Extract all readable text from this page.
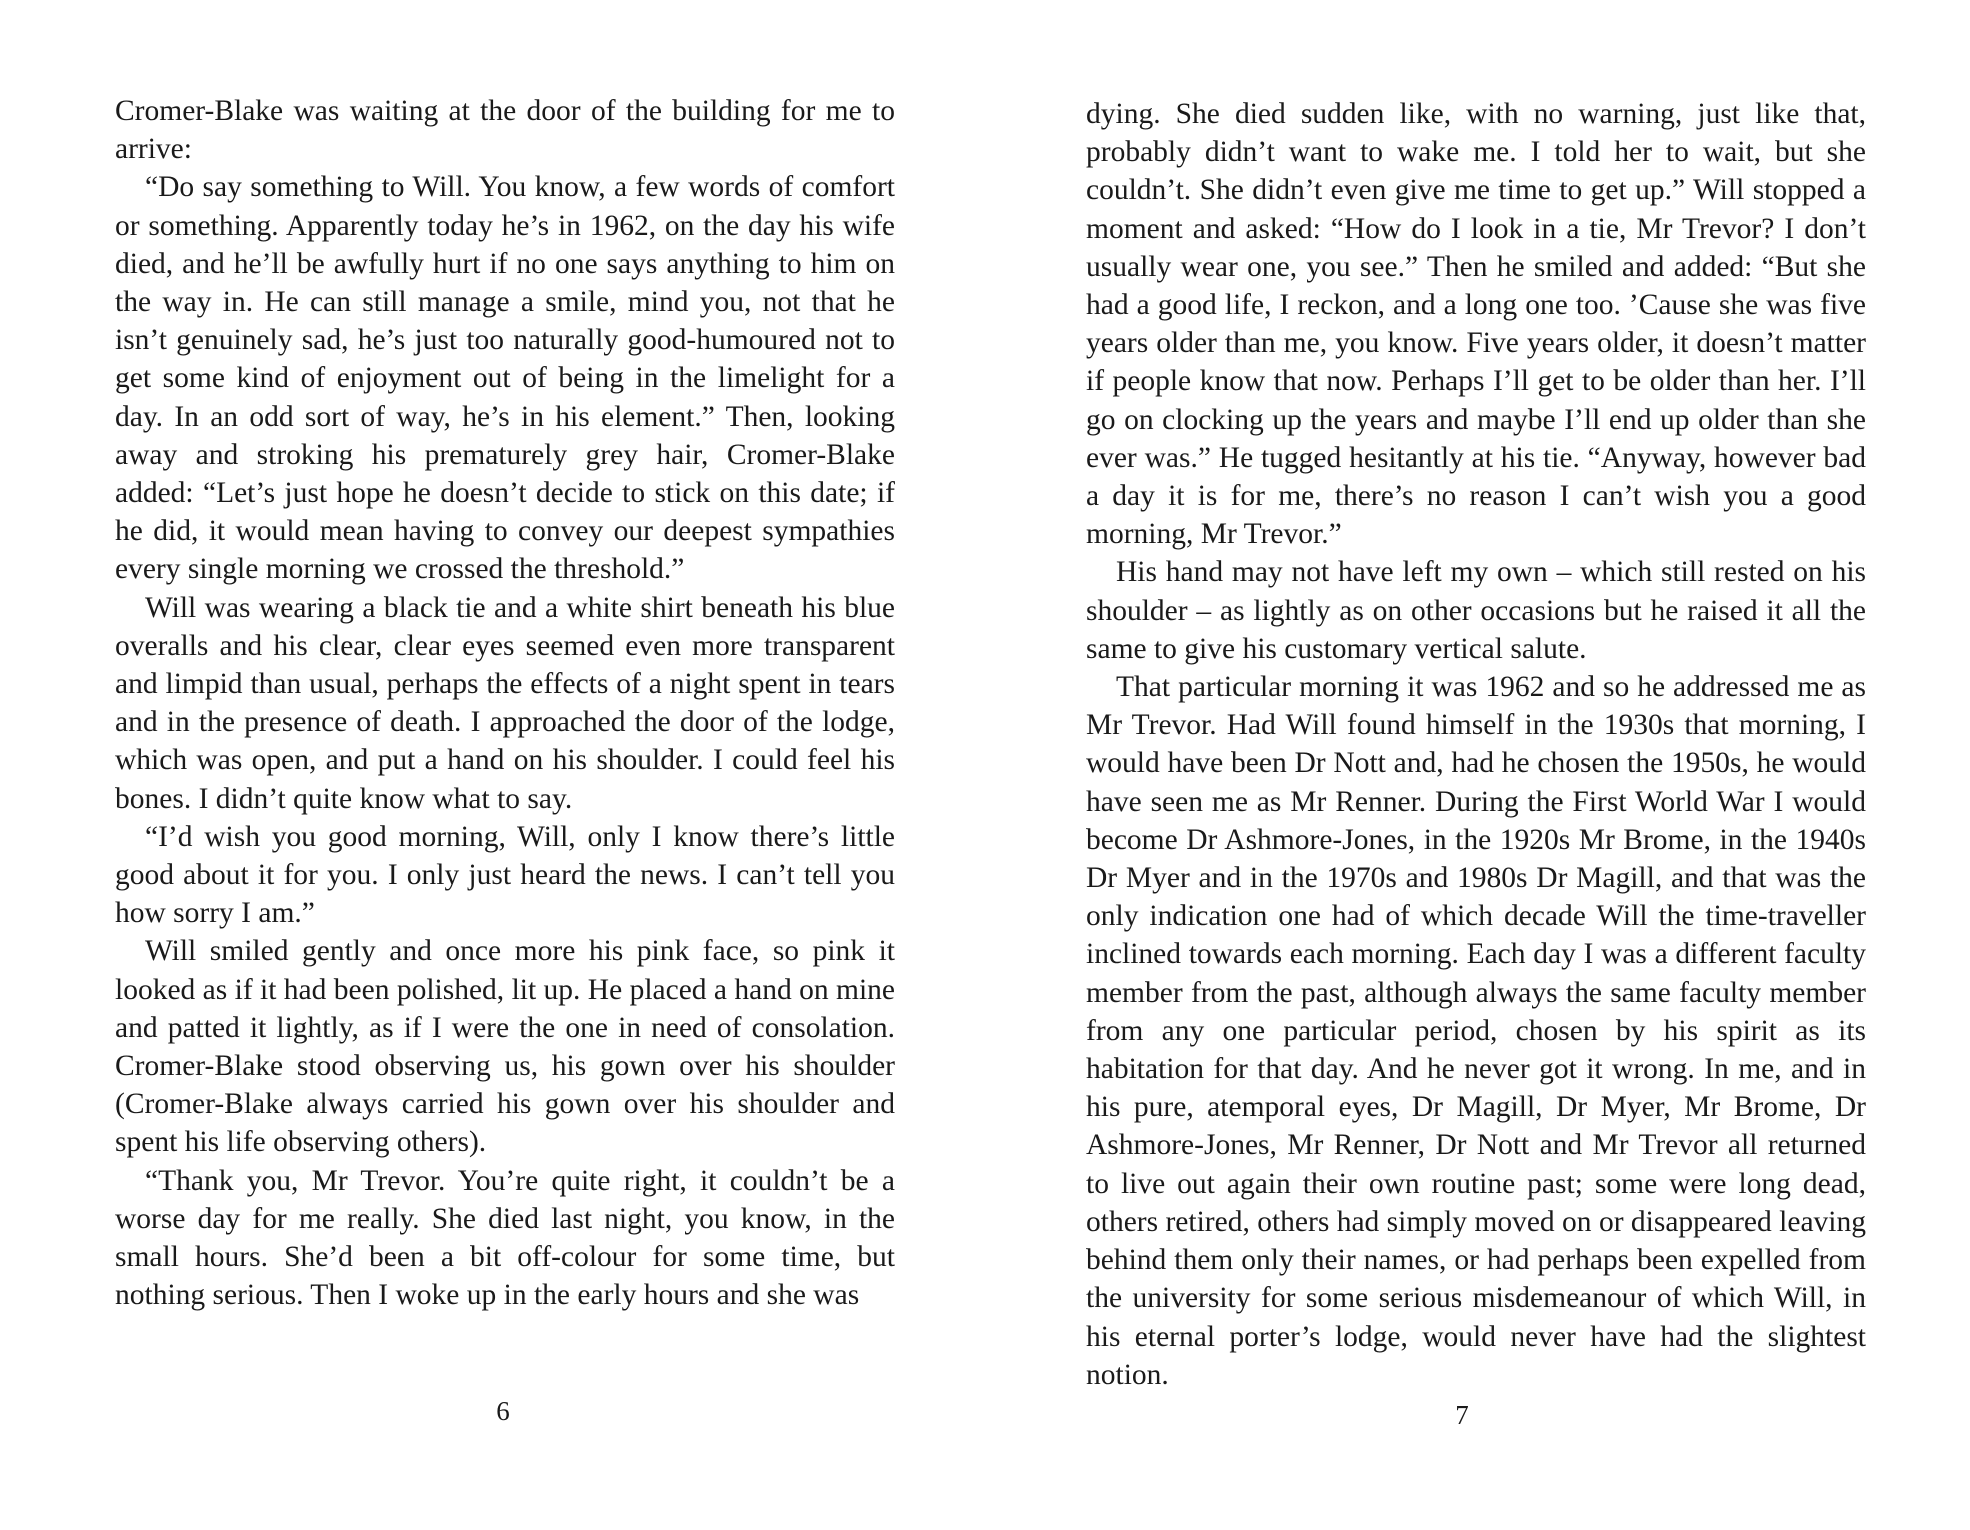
Cromer-Blake was waiting at the door of the building for me to arrive:

“Do say something to Will. You know, a few words of comfort or something. Apparently today he’s in 1962, on the day his wife died, and he’ll be awfully hurt if no one says anything to him on the way in. He can still manage a smile, mind you, not that he isn’t genuinely sad, he’s just too naturally good-humoured not to get some kind of enjoyment out of being in the limelight for a day. In an odd sort of way, he’s in his element.” Then, looking away and stroking his prematurely grey hair, Cromer-Blake added: “Let’s just hope he doesn’t decide to stick on this date; if he did, it would mean having to convey our deepest sympathies every single morning we crossed the threshold.”

Will was wearing a black tie and a white shirt beneath his blue overalls and his clear, clear eyes seemed even more transparent and limpid than usual, perhaps the effects of a night spent in tears and in the presence of death. I approached the door of the lodge, which was open, and put a hand on his shoulder. I could feel his bones. I didn’t quite know what to say.

“I’d wish you good morning, Will, only I know there’s little good about it for you. I only just heard the news. I can’t tell you how sorry I am.”

Will smiled gently and once more his pink face, so pink it looked as if it had been polished, lit up. He placed a hand on mine and patted it lightly, as if I were the one in need of consolation. Cromer-Blake stood observing us, his gown over his shoulder (Cromer-Blake always carried his gown over his shoulder and spent his life observing others).

“Thank you, Mr Trevor. You’re quite right, it couldn’t be a worse day for me really. She died last night, you know, in the small hours. She’d been a bit off-colour for some time, but nothing serious. Then I woke up in the early hours and she was

6

dying. She died sudden like, with no warning, just like that, probably didn’t want to wake me. I told her to wait, but she couldn’t. She didn’t even give me time to get up.” Will stopped a moment and asked: “How do I look in a tie, Mr Trevor? I don’t usually wear one, you see.” Then he smiled and added: “But she had a good life, I reckon, and a long one too. ’Cause she was five years older than me, you know. Five years older, it doesn’t matter if people know that now. Perhaps I’ll get to be older than her. I’ll go on clocking up the years and maybe I’ll end up older than she ever was.” He tugged hesitantly at his tie. “Anyway, however bad a day it is for me, there’s no reason I can’t wish you a good morning, Mr Trevor.”

His hand may not have left my own – which still rested on his shoulder – as lightly as on other occasions but he raised it all the same to give his customary vertical salute.

That particular morning it was 1962 and so he addressed me as Mr Trevor. Had Will found himself in the 1930s that morning, I would have been Dr Nott and, had he chosen the 1950s, he would have seen me as Mr Renner. During the First World War I would become Dr Ashmore-Jones, in the 1920s Mr Brome, in the 1940s Dr Myer and in the 1970s and 1980s Dr Magill, and that was the only indication one had of which decade Will the time-traveller inclined towards each morning. Each day I was a different faculty member from the past, although always the same faculty member from any one particular period, chosen by his spirit as its habitation for that day. And he never got it wrong. In me, and in his pure, atemporal eyes, Dr Magill, Dr Myer, Mr Brome, Dr Ashmore-Jones, Mr Renner, Dr Nott and Mr Trevor all returned to live out again their own routine past; some were long dead, others retired, others had simply moved on or disappeared leaving behind them only their names, or had perhaps been expelled from the university for some serious misdemeanour of which Will, in his eternal porter’s lodge, would never have had the slightest notion.

7
